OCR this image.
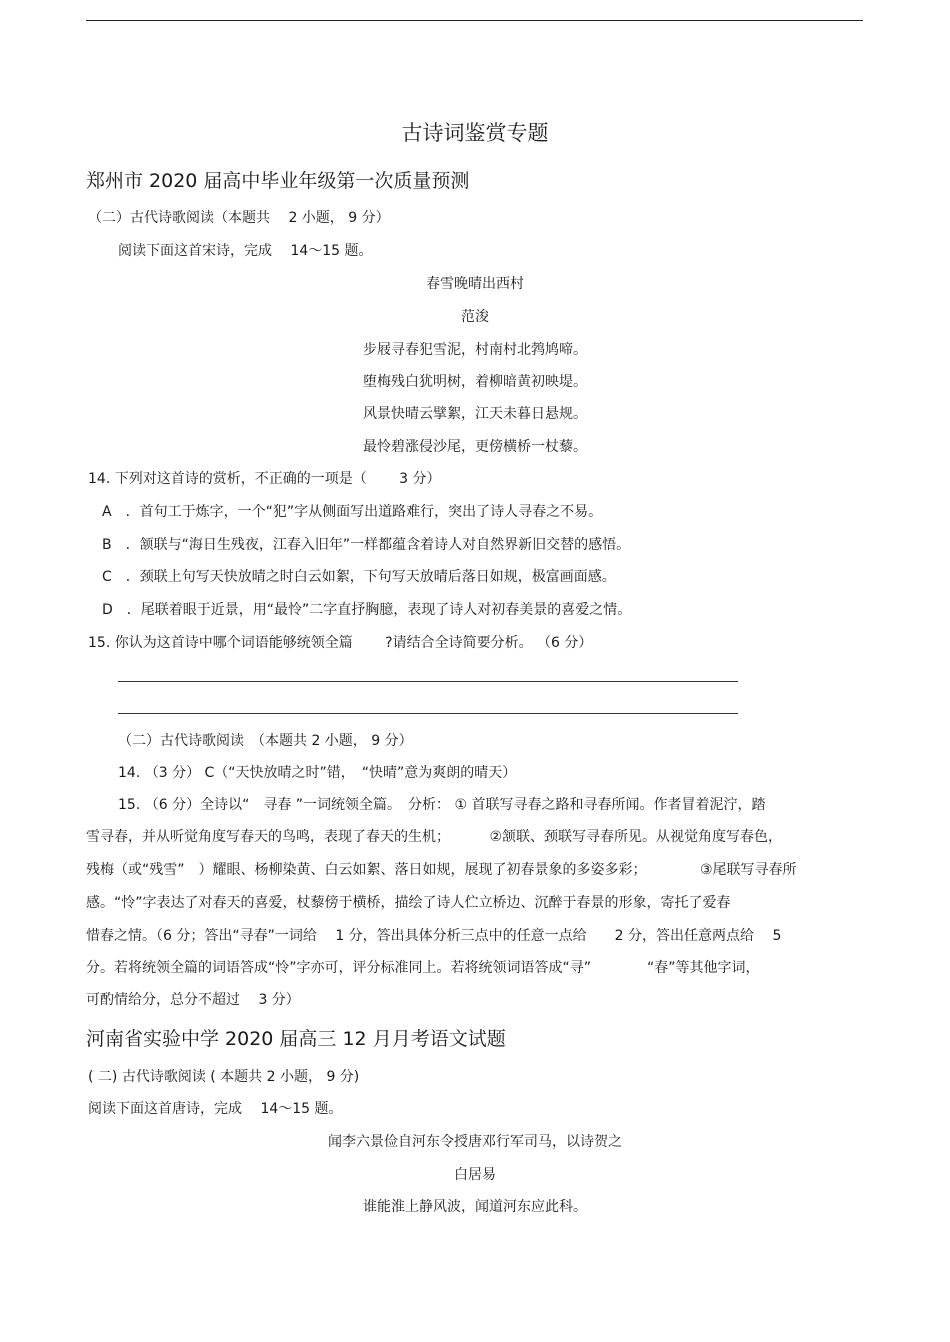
古诗词鉴赏专题
郑州市 2020 届高中毕业年级第一次质量预测
（二）古代诗歌阅读（本题共　 2 小题， 9 分）
阅读下面这首宋诗，完成　 14～15 题。
春雪晚晴出西村
范浚
步屐寻春犯雪泥，村南村北鹁鸠啼。
堕梅残白犹明树，着柳暗黄初映堤。
风景快晴云擘絮，江天未暮日悬规。
最怜碧涨侵沙尾，更傍横桥一杖藜。
14. 下列对这首诗的赏析，不正确的一项是（　　 3 分）
A　．首句工于炼字，一个“犯”字从侧面写出道路难行，突出了诗人寻春之不易。
B　．颔联与“海日生残夜，江春入旧年”一样都蕴含着诗人对自然界新旧交替的感悟。
C　．颈联上句写天快放晴之时白云如絮，下句写天放晴后落日如规，极富画面感。
D　．尾联着眼于近景，用“最怜”二字直抒胸臆，表现了诗人对初春美景的喜爱之情。
15. 你认为这首诗中哪个词语能够统领全篇　　 ?请结合全诗简要分析。 （6 分）
（二）古代诗歌阅读　（本题共 2 小题， 9 分）
14. （3 分） C（“天快放晴之时”错，　“快晴”意为爽朗的晴天）
15. （6 分）全诗以“　寻春 ”一词统领全篇。　分析： ① 首联写寻春之路和寻春所闻。作者冒着泥泞，踏
雪寻春，并从听觉角度写春天的鸟鸣，表现了春天的生机；　　　 ②颔联、颈联写寻春所见。从视觉角度写春色，
残梅（或“残雪”　）耀眼、杨柳染黄、白云如絮、落日如规，展现了初春景象的多姿多彩；　　　　 ③尾联写寻春所
感。“怜”字表达了对春天的喜爱，杖藜傍于横桥，描绘了诗人伫立桥边、沉醉于春景的形象，寄托了爱春
惜春之情。（6 分；答出“寻春”一词给　 1 分，答出具体分析三点中的任意一点给　　2 分，答出任意两点给　 5
分。若将统领全篇的词语答成“怜”字亦可，评分标准同上。若将统领词语答成“寻”　　　　“春”等其他字词，
可酌情给分，总分不超过　 3 分）
河南省实验中学 2020 届高三 12 月月考语文试题
( 二) 古代诗歌阅读 ( 本题共 2 小题， 9 分)
阅读下面这首唐诗，完成　 14～15 题。
闻李六景俭自河东令授唐邓行军司马，以诗贺之
白居易
谁能淮上静风波，闻道河东应此科。
